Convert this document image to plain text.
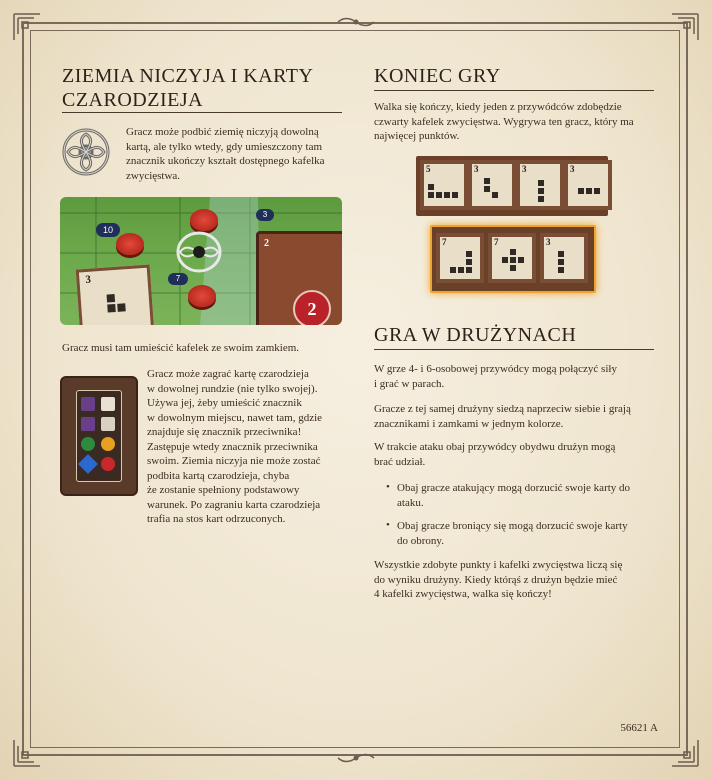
ZIEMIA NICZYJA I KARTY
CZARODZIEJA

Gracz może podbić ziemię niczyją dowolną
kartą, ale tylko wtedy, gdy umieszczony tam
znacznik ukończy kształt dostępnego kafelka
zwycięstwa.

10
3
7
3
2
2

Gracz musi tam umieścić kafelek ze swoim zamkiem.

Gracz może zagrać kartę czarodzieja
w dowolnej rundzie (nie tylko swojej).
Używa jej, żeby umieścić znacznik
w dowolnym miejscu, nawet tam, gdzie
znajduje się znacznik przeciwnika!
Zastępuje wtedy znacznik przeciwnika
swoim. Ziemia niczyja nie może zostać
podbita kartą czarodzieja, chyba
że zostanie spełniony podstawowy
warunek. Po zagraniu karta czarodzieja
trafia na stos kart odrzuconych.

KONIEC GRY

Walka się kończy, kiedy jeden z przywódców zdobędzie
czwarty kafelek zwycięstwa. Wygrywa ten gracz, który ma
najwięcej punktów.

5	3	3	3
7	7	3
GRA W DRUŻYNACH

W grze 4- i 6-osobowej przywódcy mogą połączyć siły
i grać w parach.

Gracze z tej samej drużyny siedzą naprzeciw siebie i grają
znacznikami i zamkami w jednym kolorze.

W trakcie ataku obaj przywódcy obydwu drużyn mogą
brać udział.

• Obaj gracze atakujący mogą dorzucić swoje karty do
ataku.

• Obaj gracze broniący się mogą dorzucić swoje karty
do obrony.

Wszystkie zdobyte punkty i kafelki zwycięstwa liczą się
do wyniku drużyny. Kiedy którąś z drużyn będzie mieć
4 kafelki zwycięstwa, walka się kończy!

56621 A
